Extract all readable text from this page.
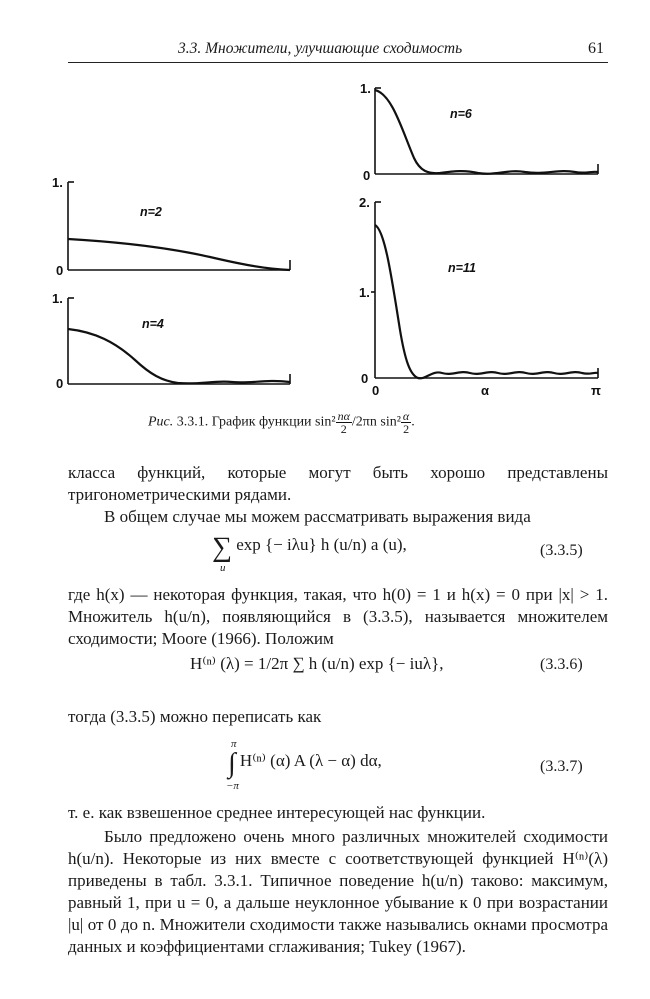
3.3. Множители, улучшающие сходимость	61
1.
0
n=2
1.
0
n=4
1.
0
n=6
2.
1.
0
n=11
0	α	π
Рис. 3.3.1. График функции $\sin^2 \frac{n\alpha}{2} /2\pi n$ $\sin^2 \frac{\alpha}{2}$ .
класса функций, которые могут быть хорошо представлены тригонометрическими рядами.
В общем случае мы можем рассматривать выражения вида
∑ exp {− iλu} h (u/n) a (u),
u
(3.3.5)
где h(x) — некоторая функция, такая, что h(0) = 1 и h(x) = 0 при |x| > 1. Множитель h(u/n), появляющийся в (3.3.5), называется множителем сходимости; Moore (1966). Положим
H⁽ⁿ⁾ (λ) = 1/2π ∑ h (u/n) exp {− iuλ},	(3.3.6)
тогда (3.3.5) можно переписать как
∫ H⁽ⁿ⁾ (α) A (λ − α) dα,
π
−π
(3.3.7)
т. е. как взвешенное среднее интересующей нас функции.
Было предложено очень много различных множителей сходимости h(u/n). Некоторые из них вместе с соответствующей функцией H⁽ⁿ⁾(λ) приведены в табл. 3.3.1. Типичное поведение h(u/n) таково: максимум, равный 1, при u = 0, а дальше неуклонное убывание к 0 при возрастании |u| от 0 до n. Множители сходимости также назывались окнами просмотра данных и коэффициентами сглаживания; Tukey (1967).
